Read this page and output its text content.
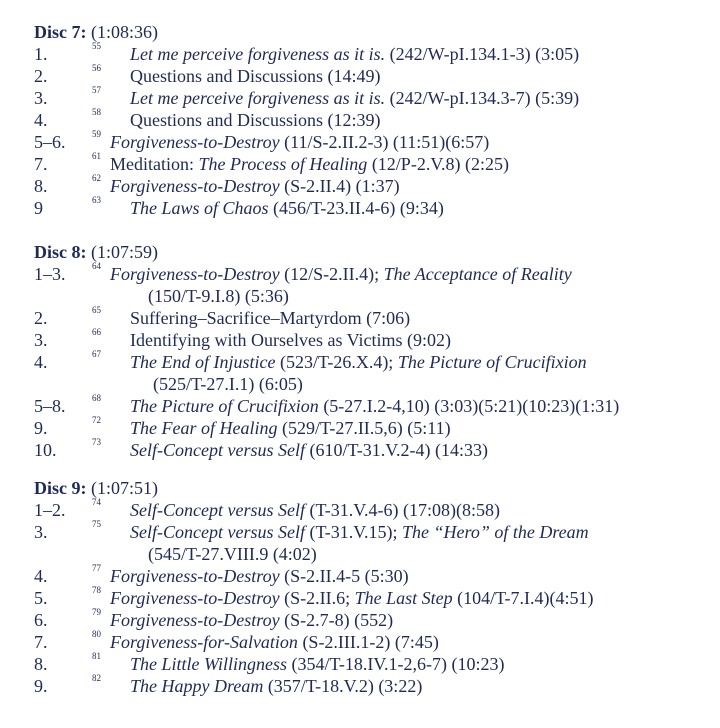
Disc 7: (1:08:36)
1.	55 Let me perceive forgiveness as it is. (242/W-pI.134.1-3) (3:05)
2.	56 Questions and Discussions (14:49)
3.	57 Let me perceive forgiveness as it is. (242/W-pI.134.3-7) (5:39)
4.	58 Questions and Discussions (12:39)
5–6.	59 Forgiveness-to-Destroy (11/S-2.II.2-3) (11:51)(6:57)
7.	61 Meditation: The Process of Healing (12/P-2.V.8) (2:25)
8.	62 Forgiveness-to-Destroy (S-2.II.4) (1:37)
9	63 The Laws of Chaos (456/T-23.II.4-6) (9:34)
Disc 8: (1:07:59)
1–3.	64 Forgiveness-to-Destroy (12/S-2.II.4); The Acceptance of Reality
(150/T-9.I.8) (5:36)
2.	65 Suffering–Sacrifice–Martyrdom (7:06)
3.	66 Identifying with Ourselves as Victims (9:02)
4.	67 The End of Injustice (523/T-26.X.4); The Picture of Crucifixion
(525/T-27.I.1) (6:05)
5–8.	68 The Picture of Crucifixion (5-27.I.2-4,10) (3:03)(5:21)(10:23)(1:31)
9.	72 The Fear of Healing (529/T-27.II.5,6) (5:11)
10.	73 Self-Concept versus Self (610/T-31.V.2-4) (14:33)
Disc 9: (1:07:51)
1–2.	74 Self-Concept versus Self (T-31.V.4-6) (17:08)(8:58)
3.	75 Self-Concept versus Self (T-31.V.15); The “Hero” of the Dream
(545/T-27.VIII.9 (4:02)
4.	77 Forgiveness-to-Destroy (S-2.II.4-5 (5:30)
5.	78 Forgiveness-to-Destroy (S-2.II.6; The Last Step (104/T-7.I.4)(4:51)
6.	79 Forgiveness-to-Destroy (S-2.7-8) (552)
7.	80 Forgiveness-for-Salvation (S-2.III.1-2) (7:45)
8.	81 The Little Willingness (354/T-18.IV.1-2,6-7) (10:23)
9.	82 The Happy Dream (357/T-18.V.2) (3:22)
